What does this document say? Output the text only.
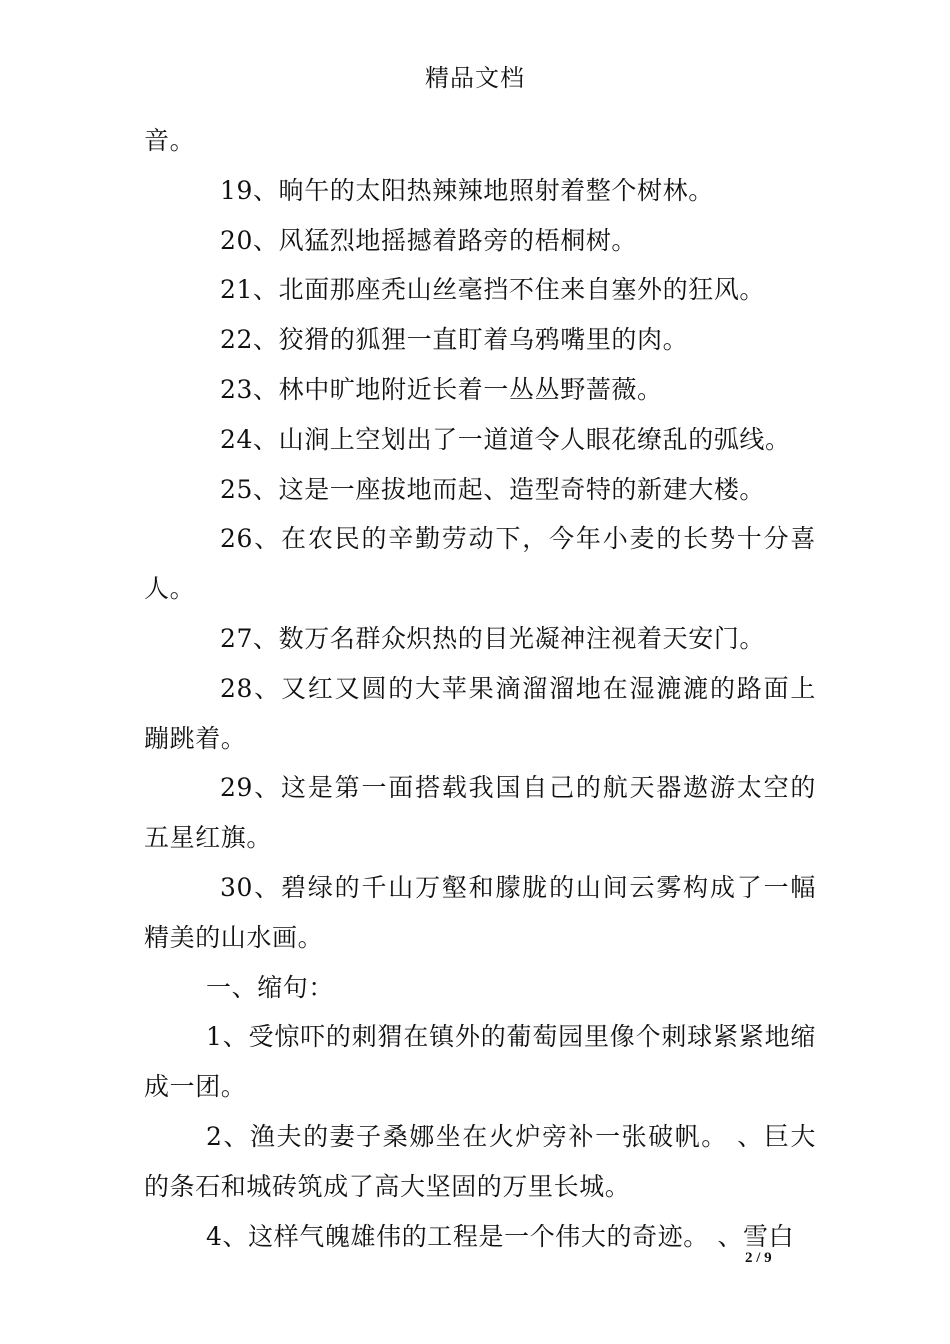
精品文档

音。

19、晌午的太阳热辣辣地照射着整个树林。

20、风猛烈地摇撼着路旁的梧桐树。

21、北面那座秃山丝毫挡不住来自塞外的狂风。

22、狡猾的狐狸一直盯着乌鸦嘴里的肉。

23、林中旷地附近长着一丛丛野蔷薇。

24、山涧上空划出了一道道令人眼花缭乱的弧线。

25、这是一座拔地而起、造型奇特的新建大楼。

26、在农民的辛勤劳动下，今年小麦的长势十分喜人。

27、数万名群众炽热的目光凝神注视着天安门。

28、又红又圆的大苹果滴溜溜地在湿漉漉的路面上蹦跳着。

29、这是第一面搭载我国自己的航天器遨游太空的五星红旗。

30、碧绿的千山万壑和朦胧的山间云雾构成了一幅精美的山水画。

一、缩句：

1、受惊吓的刺猬在镇外的葡萄园里像个刺球紧紧地缩成一团。

2、渔夫的妻子桑娜坐在火炉旁补一张破帆。 、巨大的条石和城砖筑成了高大坚固的万里长城。

4、这样气魄雄伟的工程是一个伟大的奇迹。 、雪白

2 / 9
